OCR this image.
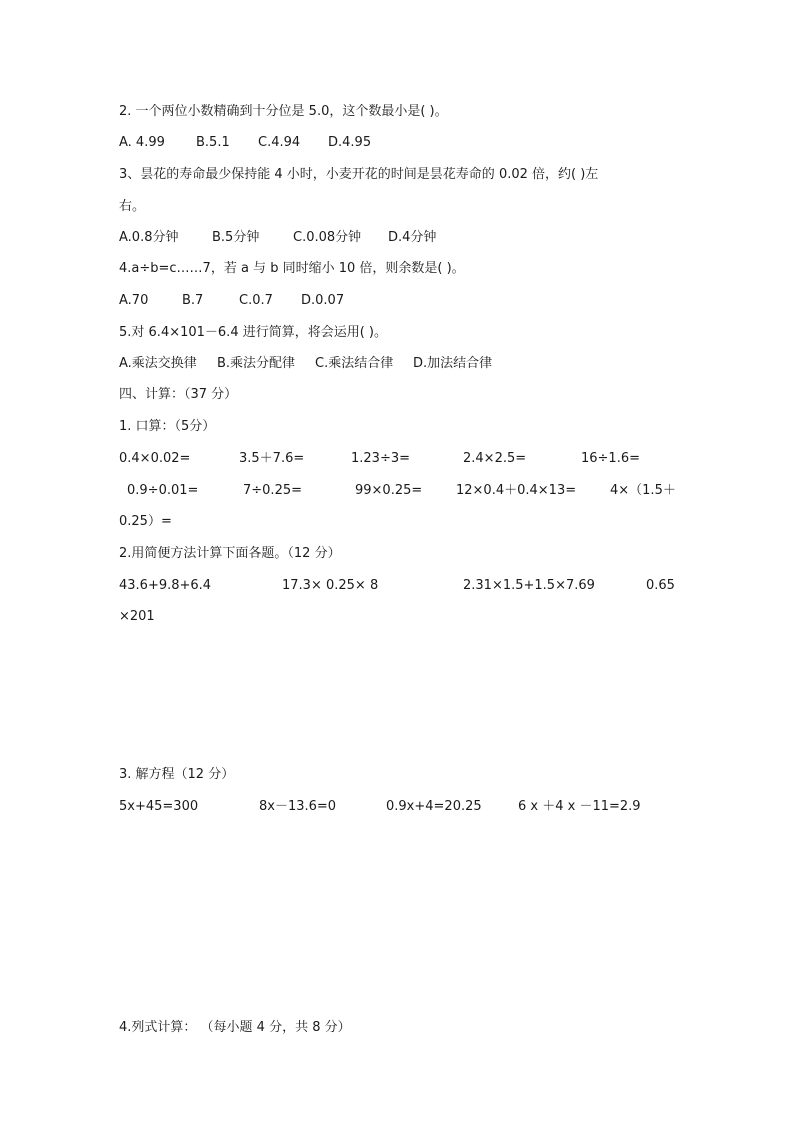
2. 一个两位小数精确到十分位是 5.0，这个数最小是( )。
A. 4.99 B.5.1 C.4.94 D.4.95
3、昙花的寿命最少保持能 4 小时，小麦开花的时间是昙花寿命的 0.02 倍，约( )左
右。
A.0.8分钟	B.5分钟	C.0.08分钟 D.4分钟
4.a÷b=c……7，若 a 与 b 同时缩小 10 倍，则余数是( )。
A.70	B.7	C.0.7 D.0.07
5.对 6.4×101－6.4 进行简算，将会运用( )。
A.乘法交换律 B.乘法分配律 C.乘法结合律 D.加法结合律
四、计算：（37 分）
1. 口算：（5分）
0.4×0.02=	3.5＋7.6=	1.23÷3=	2.4×2.5=	16÷1.6=
0.9÷0.01=	7÷0.25=	99×0.25=	12×0.4＋0.4×13=	4×（1.5＋
0.25）=
2.用简便方法计算下面各题。（12 分）
43.6+9.8+6.4	17.3× 0.25× 8	2.31×1.5+1.5×7.69	0.65
×201
3. 解方程（12 分）
5x+45=300	8x－13.6=0	0.9x+4=20.25	6 x ＋4 x －11=2.9
4.列式计算： （每小题 4 分，共 8 分）
